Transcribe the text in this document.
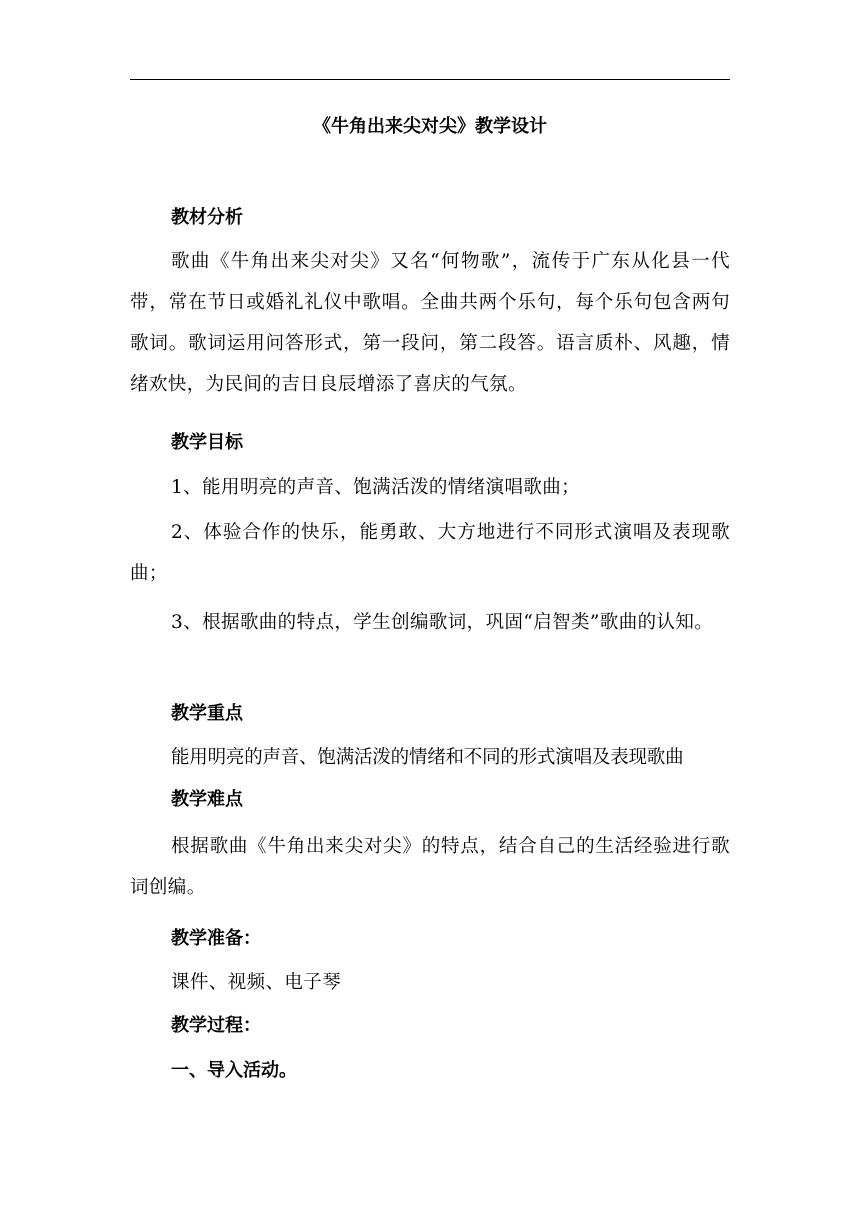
《牛角出来尖对尖》教学设计
教材分析
歌曲《牛角出来尖对尖》又名“何物歌”，流传于广东从化县一代带，常在节日或婚礼礼仪中歌唱。全曲共两个乐句，每个乐句包含两句歌词。歌词运用问答形式，第一段问，第二段答。语言质朴、风趣，情绪欢快，为民间的吉日良辰增添了喜庆的气氛。
教学目标
1、能用明亮的声音、饱满活泼的情绪演唱歌曲；
2、体验合作的快乐，能勇敢、大方地进行不同形式演唱及表现歌曲；
3、根据歌曲的特点，学生创编歌词，巩固“启智类”歌曲的认知。
教学重点
能用明亮的声音、饱满活泼的情绪和不同的形式演唱及表现歌曲
教学难点
根据歌曲《牛角出来尖对尖》的特点，结合自己的生活经验进行歌词创编。
教学准备：
课件、视频、电子琴
教学过程：
一、导入活动。
